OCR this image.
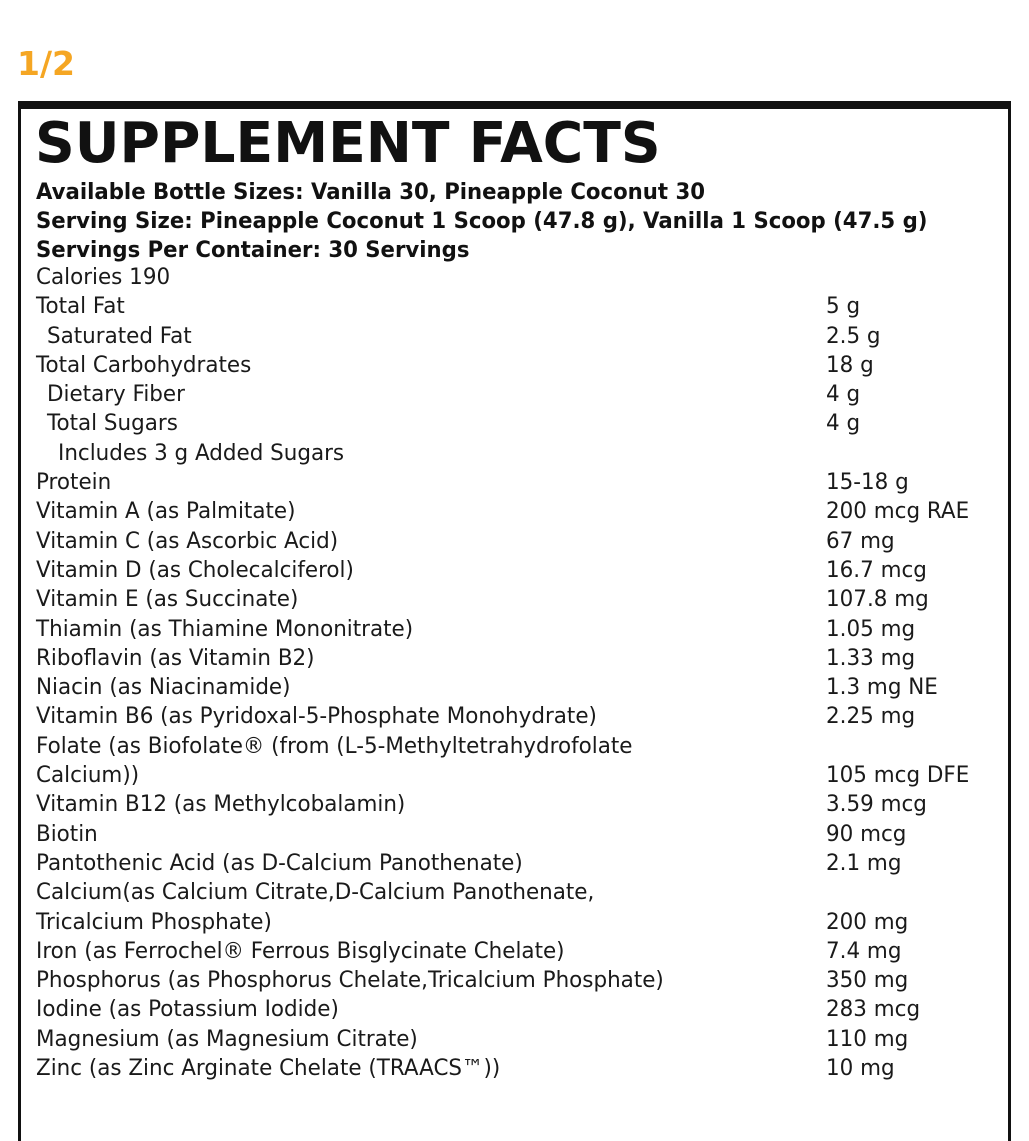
1/2
SUPPLEMENT FACTS
Available Bottle Sizes: Vanilla 30, Pineapple Coconut 30
Serving Size: Pineapple Coconut 1 Scoop (47.8 g), Vanilla 1 Scoop (47.5 g)
Servings Per Container: 30 Servings
Calories 190
Total Fat	5 g
Saturated Fat	2.5 g
Total Carbohydrates	18 g
Dietary Fiber	4 g
Total Sugars	4 g
Includes 3 g Added Sugars
Protein	15-18 g
Vitamin A (as Palmitate)	200 mcg RAE
Vitamin C (as Ascorbic Acid)	67 mg
Vitamin D (as Cholecalciferol)	16.7 mcg
Vitamin E (as Succinate)	107.8 mg
Thiamin (as Thiamine Mononitrate)	1.05 mg
Riboflavin (as Vitamin B2)	1.33 mg
Niacin (as Niacinamide)	1.3 mg NE
Vitamin B6 (as Pyridoxal-5-Phosphate Monohydrate)	2.25 mg
Folate (as Biofolate® (from (L-5-Methyltetrahydrofolate
Calcium))	105 mcg DFE
Vitamin B12 (as Methylcobalamin)	3.59 mcg
Biotin	90 mcg
Pantothenic Acid (as D-Calcium Panothenate)	2.1 mg
Calcium(as Calcium Citrate,D-Calcium Panothenate,
Tricalcium Phosphate)	200 mg
Iron (as Ferrochel® Ferrous Bisglycinate Chelate)	7.4 mg
Phosphorus (as Phosphorus Chelate,Tricalcium Phosphate)	350 mg
Iodine (as Potassium Iodide)	283 mcg
Magnesium (as Magnesium Citrate)	110 mg
Zinc (as Zinc Arginate Chelate (TRAACS™))	10 mg
